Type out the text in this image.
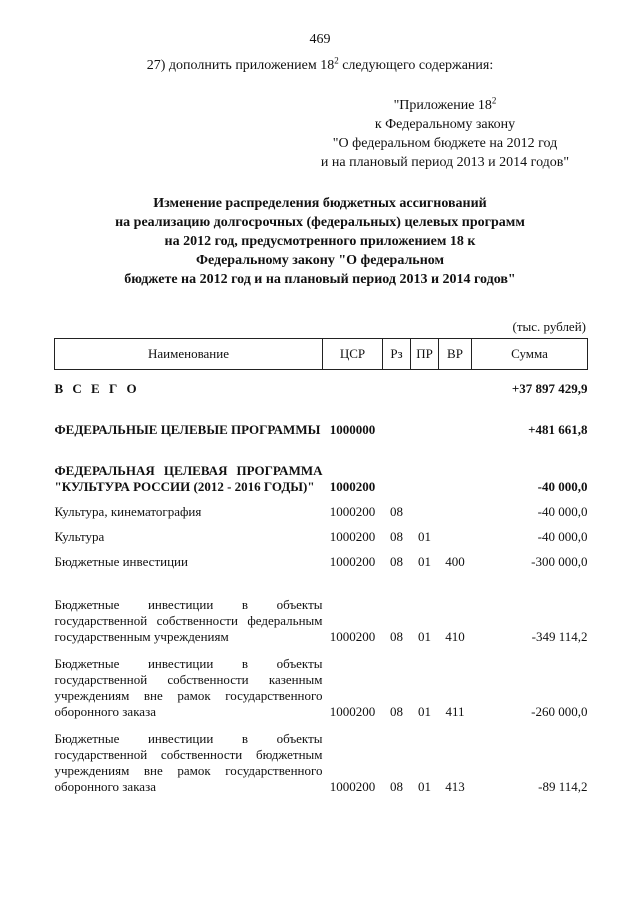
469
27) дополнить приложением $18^2$ следующего содержания:
"Приложение $18^2$
к Федеральному закону
"О федеральном бюджете на 2012 год
и на плановый период 2013 и 2014 годов"
Изменение распределения бюджетных ассигнований
на реализацию долгосрочных (федеральных) целевых программ
на 2012 год, предусмотренного приложением 18 к
Федеральному закону "О федеральном
бюджете на 2012 год и на плановый период 2013 и 2014 годов"
(тыс. рублей)
Наименование	ЦСР	Рз	ПР	ВР	Сумма

В С Е Г О					+37 897 429,9

ФЕДЕРАЛЬНЫЕ ЦЕЛЕВЫЕ ПРОГРАММЫ	1000000				+481 661,8

ФЕДЕРАЛЬНАЯ ЦЕЛЕВАЯ ПРОГРАММА "КУЛЬТУРА РОССИИ (2012 - 2016 ГОДЫ)"	1000200				-40 000,0

Культура, кинематография	1000200	08			-40 000,0

Культура	1000200	08	01		-40 000,0

Бюджетные инвестиции	1000200	08	01	400	-300 000,0

Бюджетные инвестиции в объекты государственной собственности федеральным государственным учреждениям	1000200	08	01	410	-349 114,2

Бюджетные инвестиции в объекты государственной собственности казенным учреждениям вне рамок государственного оборонного заказа	1000200	08	01	411	-260 000,0

Бюджетные инвестиции в объекты государственной собственности бюджетным учреждениям вне рамок государственного оборонного заказа	1000200	08	01	413	-89 114,2
